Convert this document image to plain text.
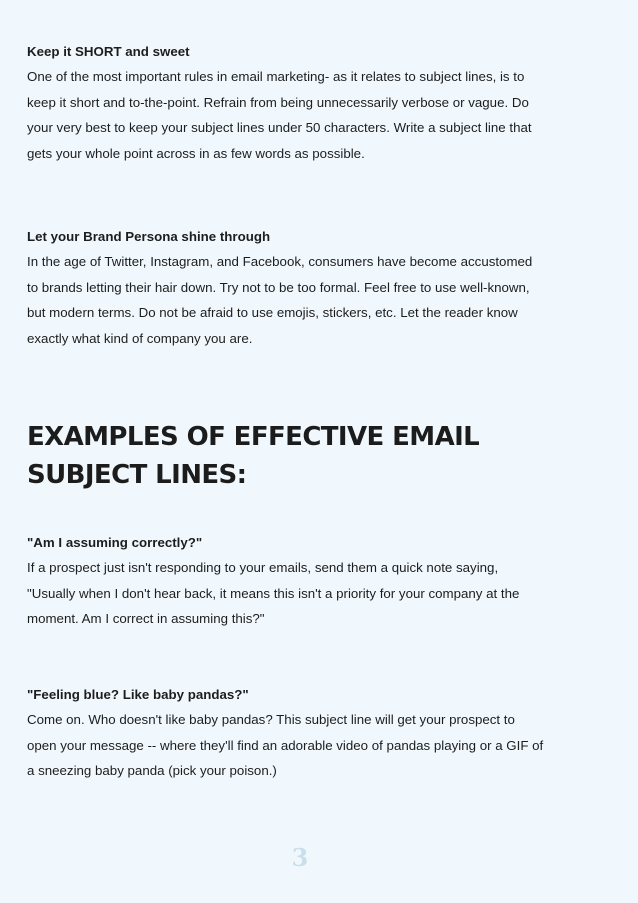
Keep it SHORT and sweet
One of the most important rules in email marketing- as it relates to subject lines, is to
keep it short and to-the-point. Refrain from being unnecessarily verbose or vague. Do
your very best to keep your subject lines under 50 characters. Write a subject line that
gets your whole point across in as few words as possible.
Let your Brand Persona shine through
In the age of Twitter, Instagram, and Facebook, consumers have become accustomed
to brands letting their hair down. Try not to be too formal. Feel free to use well-known,
but modern terms. Do not be afraid to use emojis, stickers, etc. Let the reader know
exactly what kind of company you are.
EXAMPLES OF EFFECTIVE EMAIL
SUBJECT LINES:
"Am I assuming correctly?"
If a prospect just isn't responding to your emails, send them a quick note saying,
"Usually when I don't hear back, it means this isn't a priority for your company at the
moment. Am I correct in assuming this?"
"Feeling blue? Like baby pandas?"
Come on. Who doesn't like baby pandas? This subject line will get your prospect to
open your message -- where they'll find an adorable video of pandas playing or a GIF of
a sneezing baby panda (pick your poison.)
3
